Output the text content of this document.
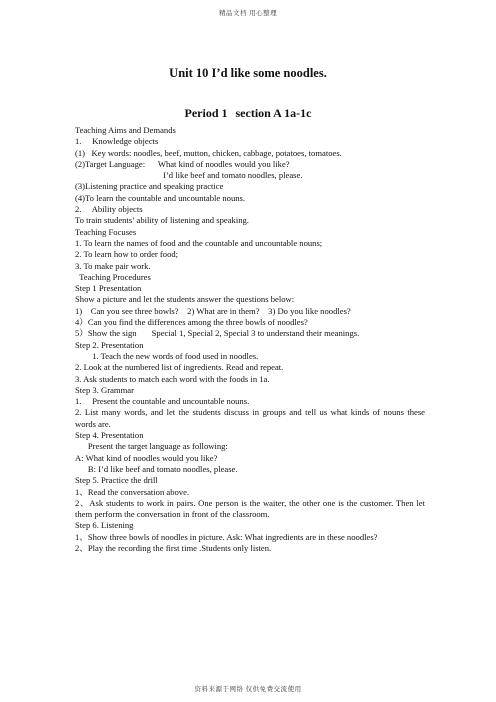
精品文档 用心整理
Unit 10 I’d like some noodles.
Period 1 section A 1a-1c
Teaching Aims and Demands
1.     Knowledge objects
(1)   Key words: noodles, beef, mutton, chicken, cabbage, potatoes, tomatoes.
(2)Target Language:      What kind of noodles would you like?
I’d like beef and tomato noodles, please.
(3)Listening practice and speaking practice
(4)To learn the countable and uncountable nouns.
2.     Ability objects
To train students’ ability of listening and speaking.
Teaching Focuses
1. To learn the names of food and the countable and uncountable nouns;
2. To learn how to order food;
3. To make pair work.
Teaching Procedures
Step 1 Presentation
Show a picture and let the students answer the questions below:
1)    Can you see three bowls?    2) What are in them?    3) Do you like noodles?
4）Can you find the differences among the three bowls of noodles?
5）Show the sign       Special 1, Special 2, Special 3 to understand their meanings.
Step 2. Presentation
1. Teach the new words of food used in noodles.
2. Look at the numbered list of ingredients. Read and repeat.
3. Ask students to match each word with the foods in 1a.
Step 3. Grammar
1.     Present the countable and uncountable nouns.
2. List many words, and let the students discuss in groups and tell us what kinds of nouns these words are.
Step 4. Presentation
Present the target language as following:
A: What kind of noodles would you like?
B: I’d like beef and tomato noodles, please.
Step 5. Practice the drill
1、Read the conversation above.
2、Ask students to work in pairs. One person is the waiter, the other one is the customer. Then let them perform the conversation in front of the classroom.
Step 6. Listening
1、Show three bowls of noodles in picture. Ask: What ingredients are in these noodles?
2、Play the recording the first time .Students only listen.
资料来源于网络 仅供免费交流使用
